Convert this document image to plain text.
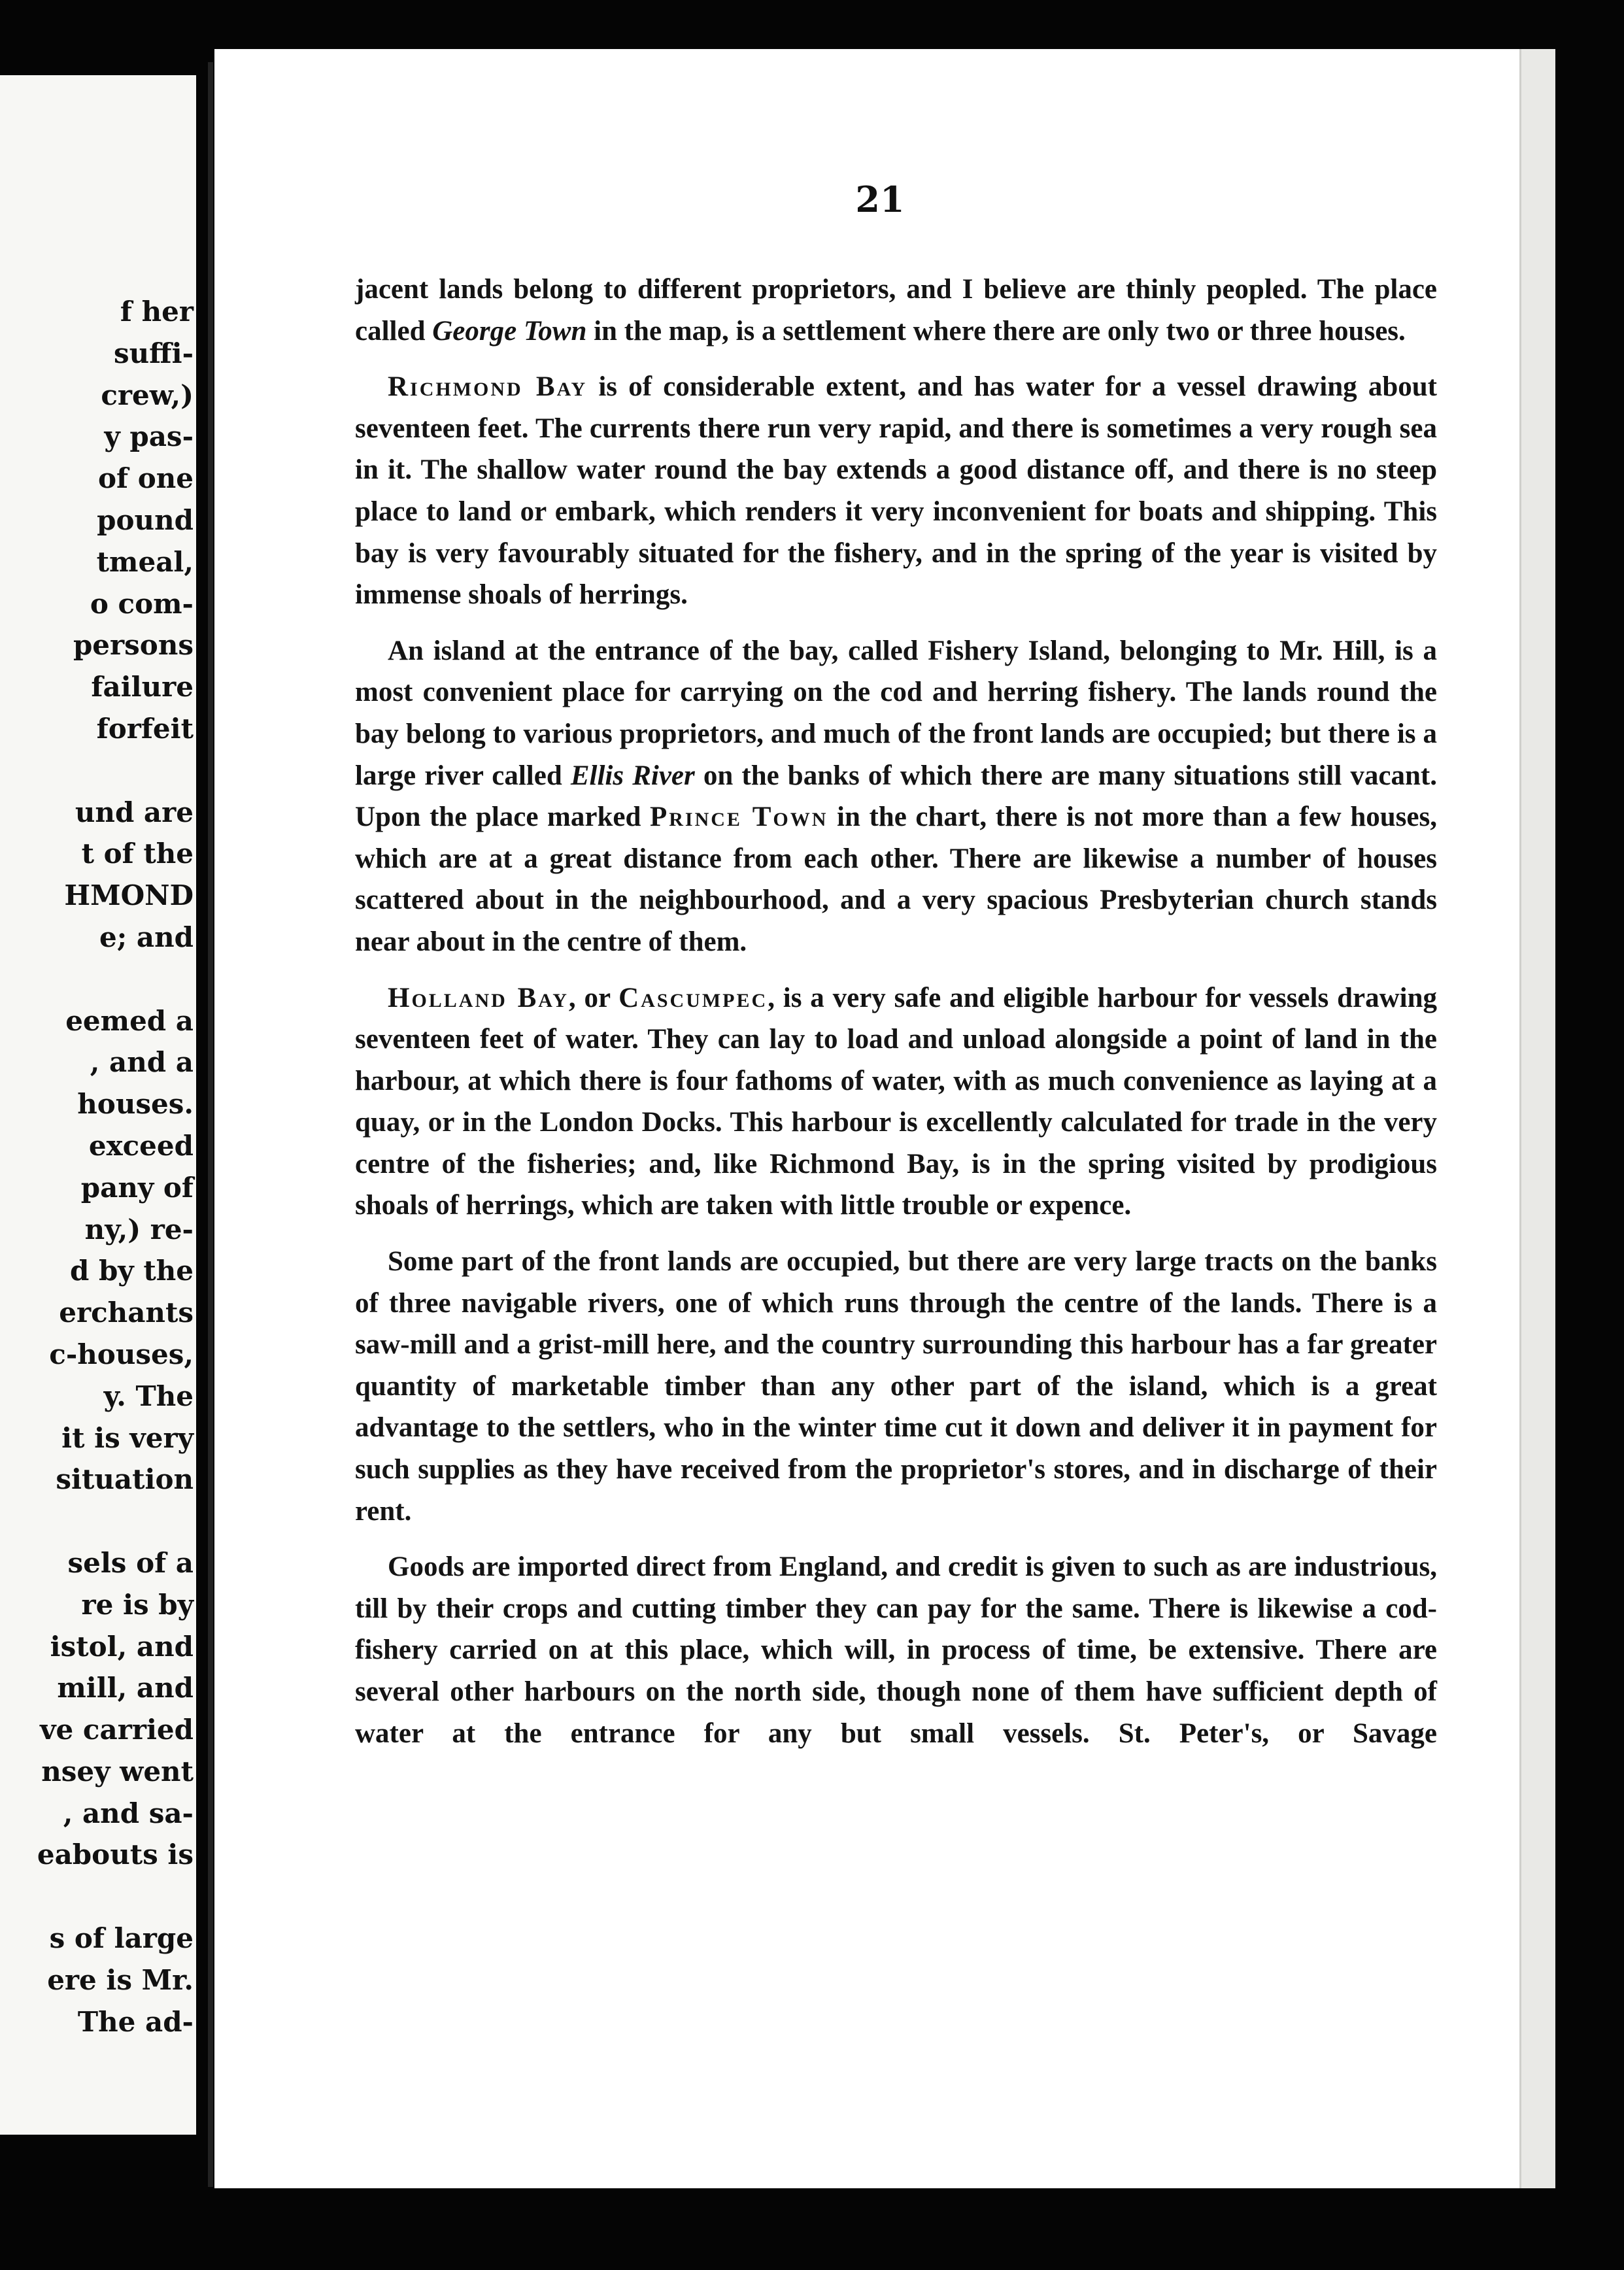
f her
suffi-
crew,)
y pas-
of one
pound
tmeal,
o com-
persons
failure
forfeit
und are
t of the
HMOND
e; and
eemed a
, and a
houses.
exceed
pany of
ny,) re-
d by the
erchants
c-houses,
y. The
it is very
situation
sels of a
re is by
istol, and
mill, and
ve carried
nsey went
, and sa-
eabouts is
s of large
ere is Mr.
The ad-
21

jacent lands belong to different proprietors, and I believe are thinly peopled. The place called George Town in the map, is a settlement where there are only two or three houses.

Richmond Bay is of considerable extent, and has water for a vessel drawing about seventeen feet. The currents there run very rapid, and there is sometimes a very rough sea in it. The shallow water round the bay extends a good distance off, and there is no steep place to land or embark, which renders it very inconvenient for boats and shipping. This bay is very favourably situated for the fishery, and in the spring of the year is visited by immense shoals of herrings.

An island at the entrance of the bay, called Fishery Island, belonging to Mr. Hill, is a most convenient place for carrying on the cod and herring fishery. The lands round the bay belong to various proprietors, and much of the front lands are occupied; but there is a large river called Ellis River on the banks of which there are many situations still vacant. Upon the place marked Prince Town in the chart, there is not more than a few houses, which are at a great distance from each other. There are likewise a number of houses scattered about in the neighbourhood, and a very spacious Presbyterian church stands near about in the centre of them.

Holland Bay, or Cascumpec, is a very safe and eligible harbour for vessels drawing seventeen feet of water. They can lay to load and unload alongside a point of land in the harbour, at which there is four fathoms of water, with as much convenience as laying at a quay, or in the London Docks. This harbour is excellently calculated for trade in the very centre of the fisheries; and, like Richmond Bay, is in the spring visited by prodigious shoals of herrings, which are taken with little trouble or expence.

Some part of the front lands are occupied, but there are very large tracts on the banks of three navigable rivers, one of which runs through the centre of the lands. There is a saw-mill and a grist-mill here, and the country surrounding this harbour has a far greater quantity of marketable timber than any other part of the island, which is a great advantage to the settlers, who in the winter time cut it down and deliver it in payment for such supplies as they have received from the proprietor's stores, and in discharge of their rent.

Goods are imported direct from England, and credit is given to such as are industrious, till by their crops and cutting timber they can pay for the same. There is likewise a cod-fishery carried on at this place, which will, in process of time, be extensive. There are several other harbours on the north side, though none of them have sufficient depth of water at the entrance for any but small vessels. St. Peter's, or Savage
